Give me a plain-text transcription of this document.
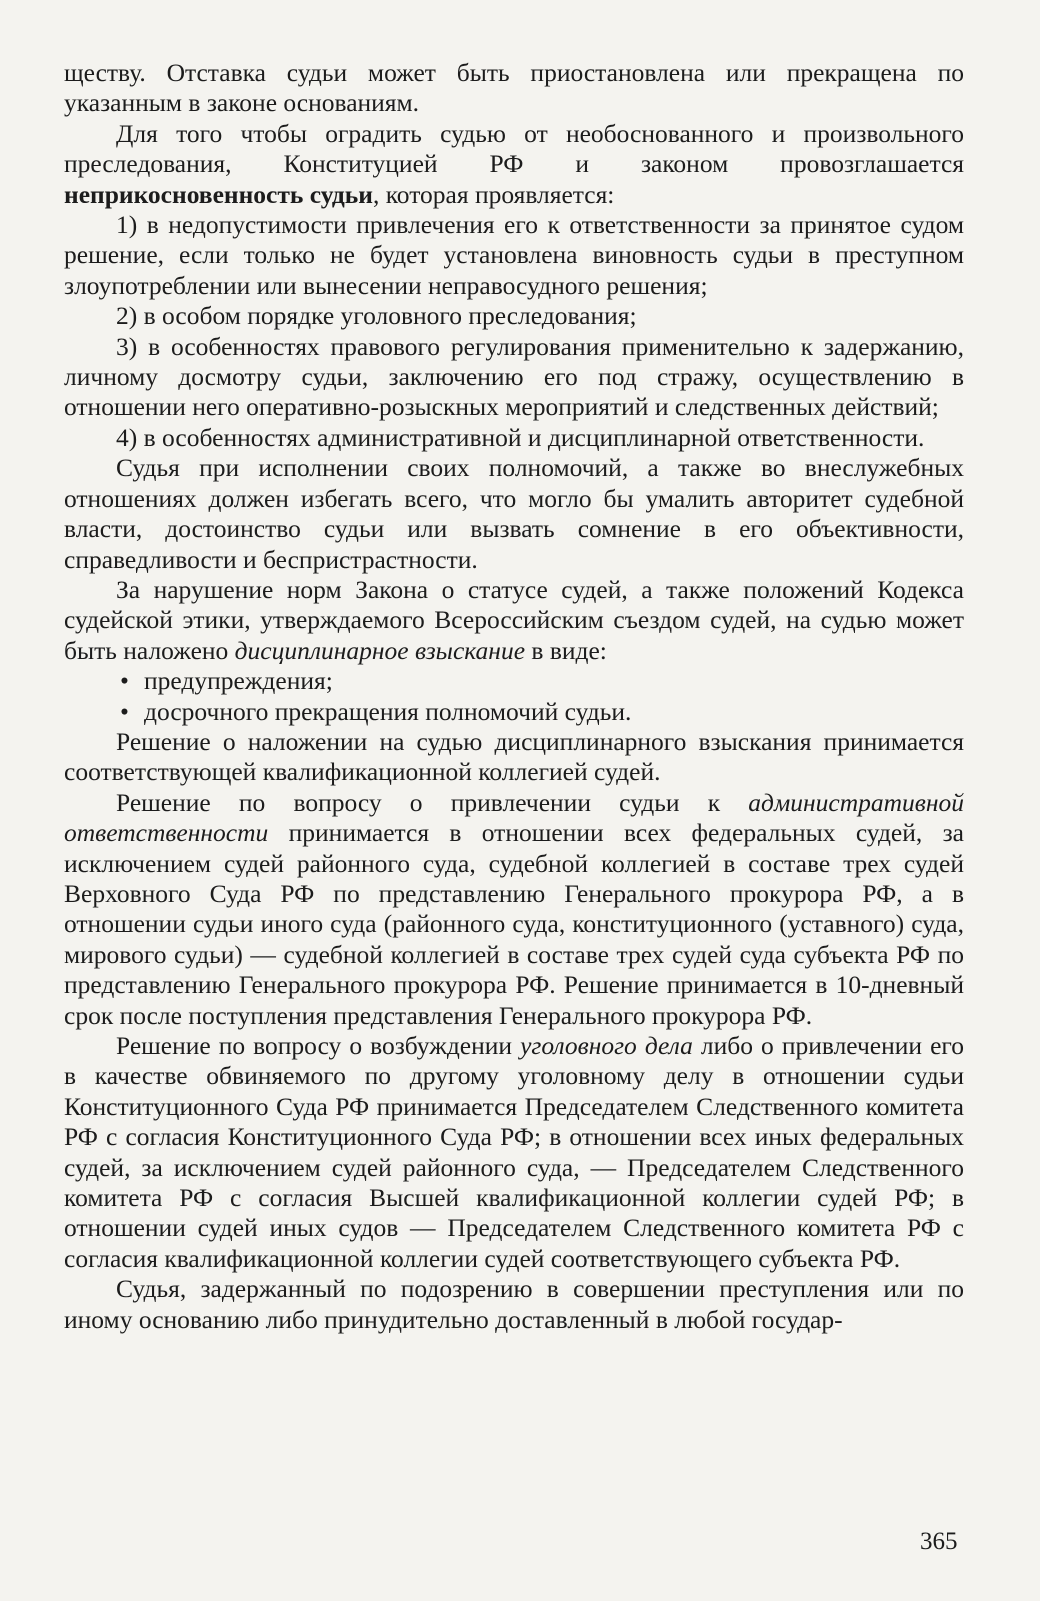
ществу. Отставка судьи может быть приостановлена или прекращена по указанным в законе основаниям.

Для того чтобы оградить судью от необоснованного и произвольного преследования, Конституцией РФ и законом провозглашается неприкосновенность судьи, которая проявляется:

1) в недопустимости привлечения его к ответственности за принятое судом решение, если только не будет установлена виновность судьи в преступном злоупотреблении или вынесении неправосудного решения;

2) в особом порядке уголовного преследования;

3) в особенностях правового регулирования применительно к задержанию, личному досмотру судьи, заключению его под стражу, осуществлению в отношении него оперативно-розыскных мероприятий и следственных действий;

4) в особенностях административной и дисциплинарной ответственности.

Судья при исполнении своих полномочий, а также во внеслужебных отношениях должен избегать всего, что могло бы умалить авторитет судебной власти, достоинство судьи или вызвать сомнение в его объективности, справедливости и беспристрастности.

За нарушение норм Закона о статусе судей, а также положений Кодекса судейской этики, утверждаемого Всероссийским съездом судей, на судью может быть наложено дисциплинарное взыскание в виде:

• предупреждения;
• досрочного прекращения полномочий судьи.

Решение о наложении на судью дисциплинарного взыскания принимается соответствующей квалификационной коллегией судей.

Решение по вопросу о привлечении судьи к административной ответственности принимается в отношении всех федеральных судей, за исключением судей районного суда, судебной коллегией в составе трех судей Верховного Суда РФ по представлению Генерального прокурора РФ, а в отношении судьи иного суда (районного суда, конституционного (уставного) суда, мирового судьи) — судебной коллегией в составе трех судей суда субъекта РФ по представлению Генерального прокурора РФ. Решение принимается в 10-дневный срок после поступления представления Генерального прокурора РФ.

Решение по вопросу о возбуждении уголовного дела либо о привлечении его в качестве обвиняемого по другому уголовному делу в отношении судьи Конституционного Суда РФ принимается Председателем Следственного комитета РФ с согласия Конституционного Суда РФ; в отношении всех иных федеральных судей, за исключением судей районного суда, — Председателем Следственного комитета РФ с согласия Высшей квалификационной коллегии судей РФ; в отношении судей иных судов — Председателем Следственного комитета РФ с согласия квалификационной коллегии судей соответствующего субъекта РФ.

Судья, задержанный по подозрению в совершении преступления или по иному основанию либо принудительно доставленный в любой государ-

365
